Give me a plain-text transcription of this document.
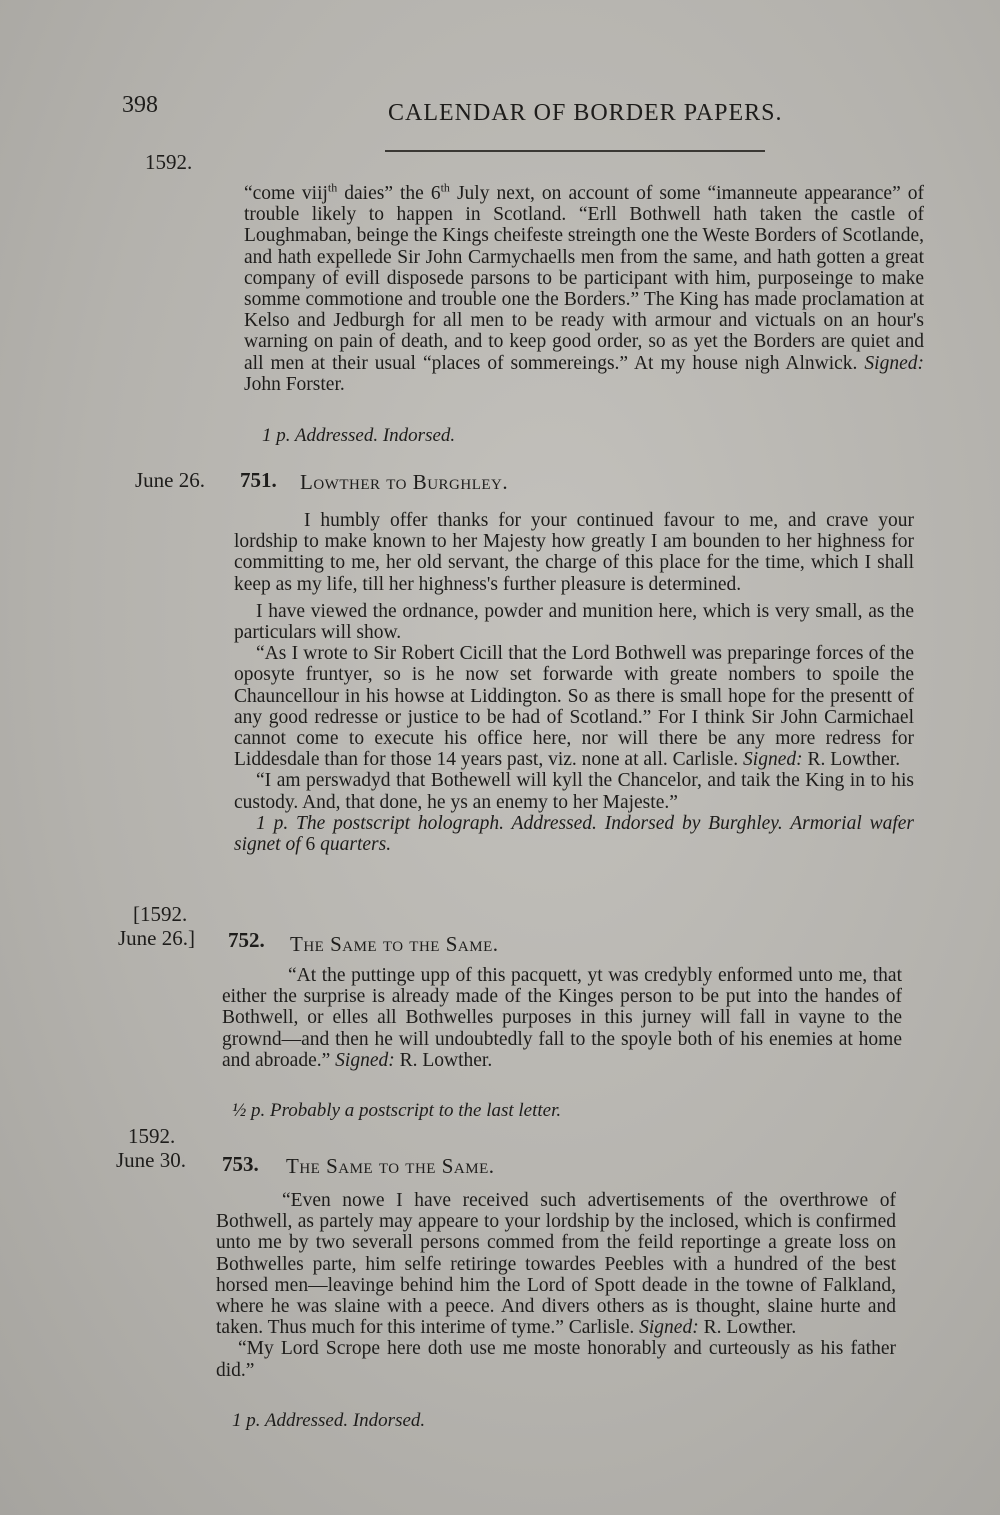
398	CALENDAR OF BORDER PAPERS.
1592.

“come viij$^{th}$ daies” the 6th July next, on account of some “imanneute appearance” of trouble likely to happen in Scotland. “Erll Bothwell hath taken the castle of Loughmaban, beinge the Kings cheifeste streingth one the Weste Borders of Scotlande, and hath expellede Sir John Carmychaells men from the same, and hath gotten a great company of evill disposede parsons to be participant with him, purposeinge to make somme commotione and trouble one the Borders.” The King has made proclamation at Kelso and Jedburgh for all men to be ready with armour and victuals on an hour's warning on pain of death, and to keep good order, so as yet the Borders are quiet and all men at their usual “places of sommereings.” At my house nigh Alnwick. Signed: John Forster.

1 p. Addressed. Indorsed.
June 26. 751. Lowther to Burghley.

I humbly offer thanks for your continued favour to me, and crave your lordship to make known to her Majesty how greatly I am bounden to her highness for committing to me, her old servant, the charge of this place for the time, which I shall keep as my life, till her highness's further pleasure is determined.

I have viewed the ordnance, powder and munition here, which is very small, as the particulars will show.

“As I wrote to Sir Robert Cicill that the Lord Bothwell was preparinge forces of the oposyte fruntyer, so is he now set forwarde with greate nombers to spoile the Chauncellour in his howse at Liddington. So as there is small hope for the presentt of any good redresse or justice to be had of Scotland.” For I think Sir John Carmichael cannot come to execute his office here, nor will there be any more redress for Liddesdale than for those 14 years past, viz. none at all. Carlisle. Signed: R. Lowther.

“I am perswadyd that Bothewell will kyll the Chancelor, and taik the King in to his custody. And, that done, he ys an enemy to her Majeste.”

1 p. The postscript holograph. Addressed. Indorsed by Burghley. Armorial wafer signet of 6 quarters.

[1592.
June 26.] 752. The Same to the Same.

“At the puttinge upp of this pacquett, yt was credybly enformed unto me, that either the surprise is already made of the Kinges person to be put into the handes of Bothwell, or elles all Bothwelles purposes in this jurney will fall in vayne to the grownd—and then he will undoubtedly fall to the spoyle both of his enemies at home and abroade.” Signed: R. Lowther.

½ p. Probably a postscript to the last letter.
1592.
June 30. 753. The Same to the Same.

“Even nowe I have received such advertisements of the overthrowe of Bothwell, as partely may appeare to your lordship by the inclosed, which is confirmed unto me by two severall persons commed from the feild reportinge a greate loss on Bothwelles parte, him selfe retiringe towardes Peebles with a hundred of the best horsed men—leavinge behind him the Lord of Spott deade in the towne of Falkland, where he was slaine with a peece. And divers others as is thought, slaine hurte and taken. Thus much for this interime of tyme.” Carlisle. Signed: R. Lowther.

“My Lord Scrope here doth use me moste honorably and curteously as his father did.”

1 p. Addressed. Indorsed.
